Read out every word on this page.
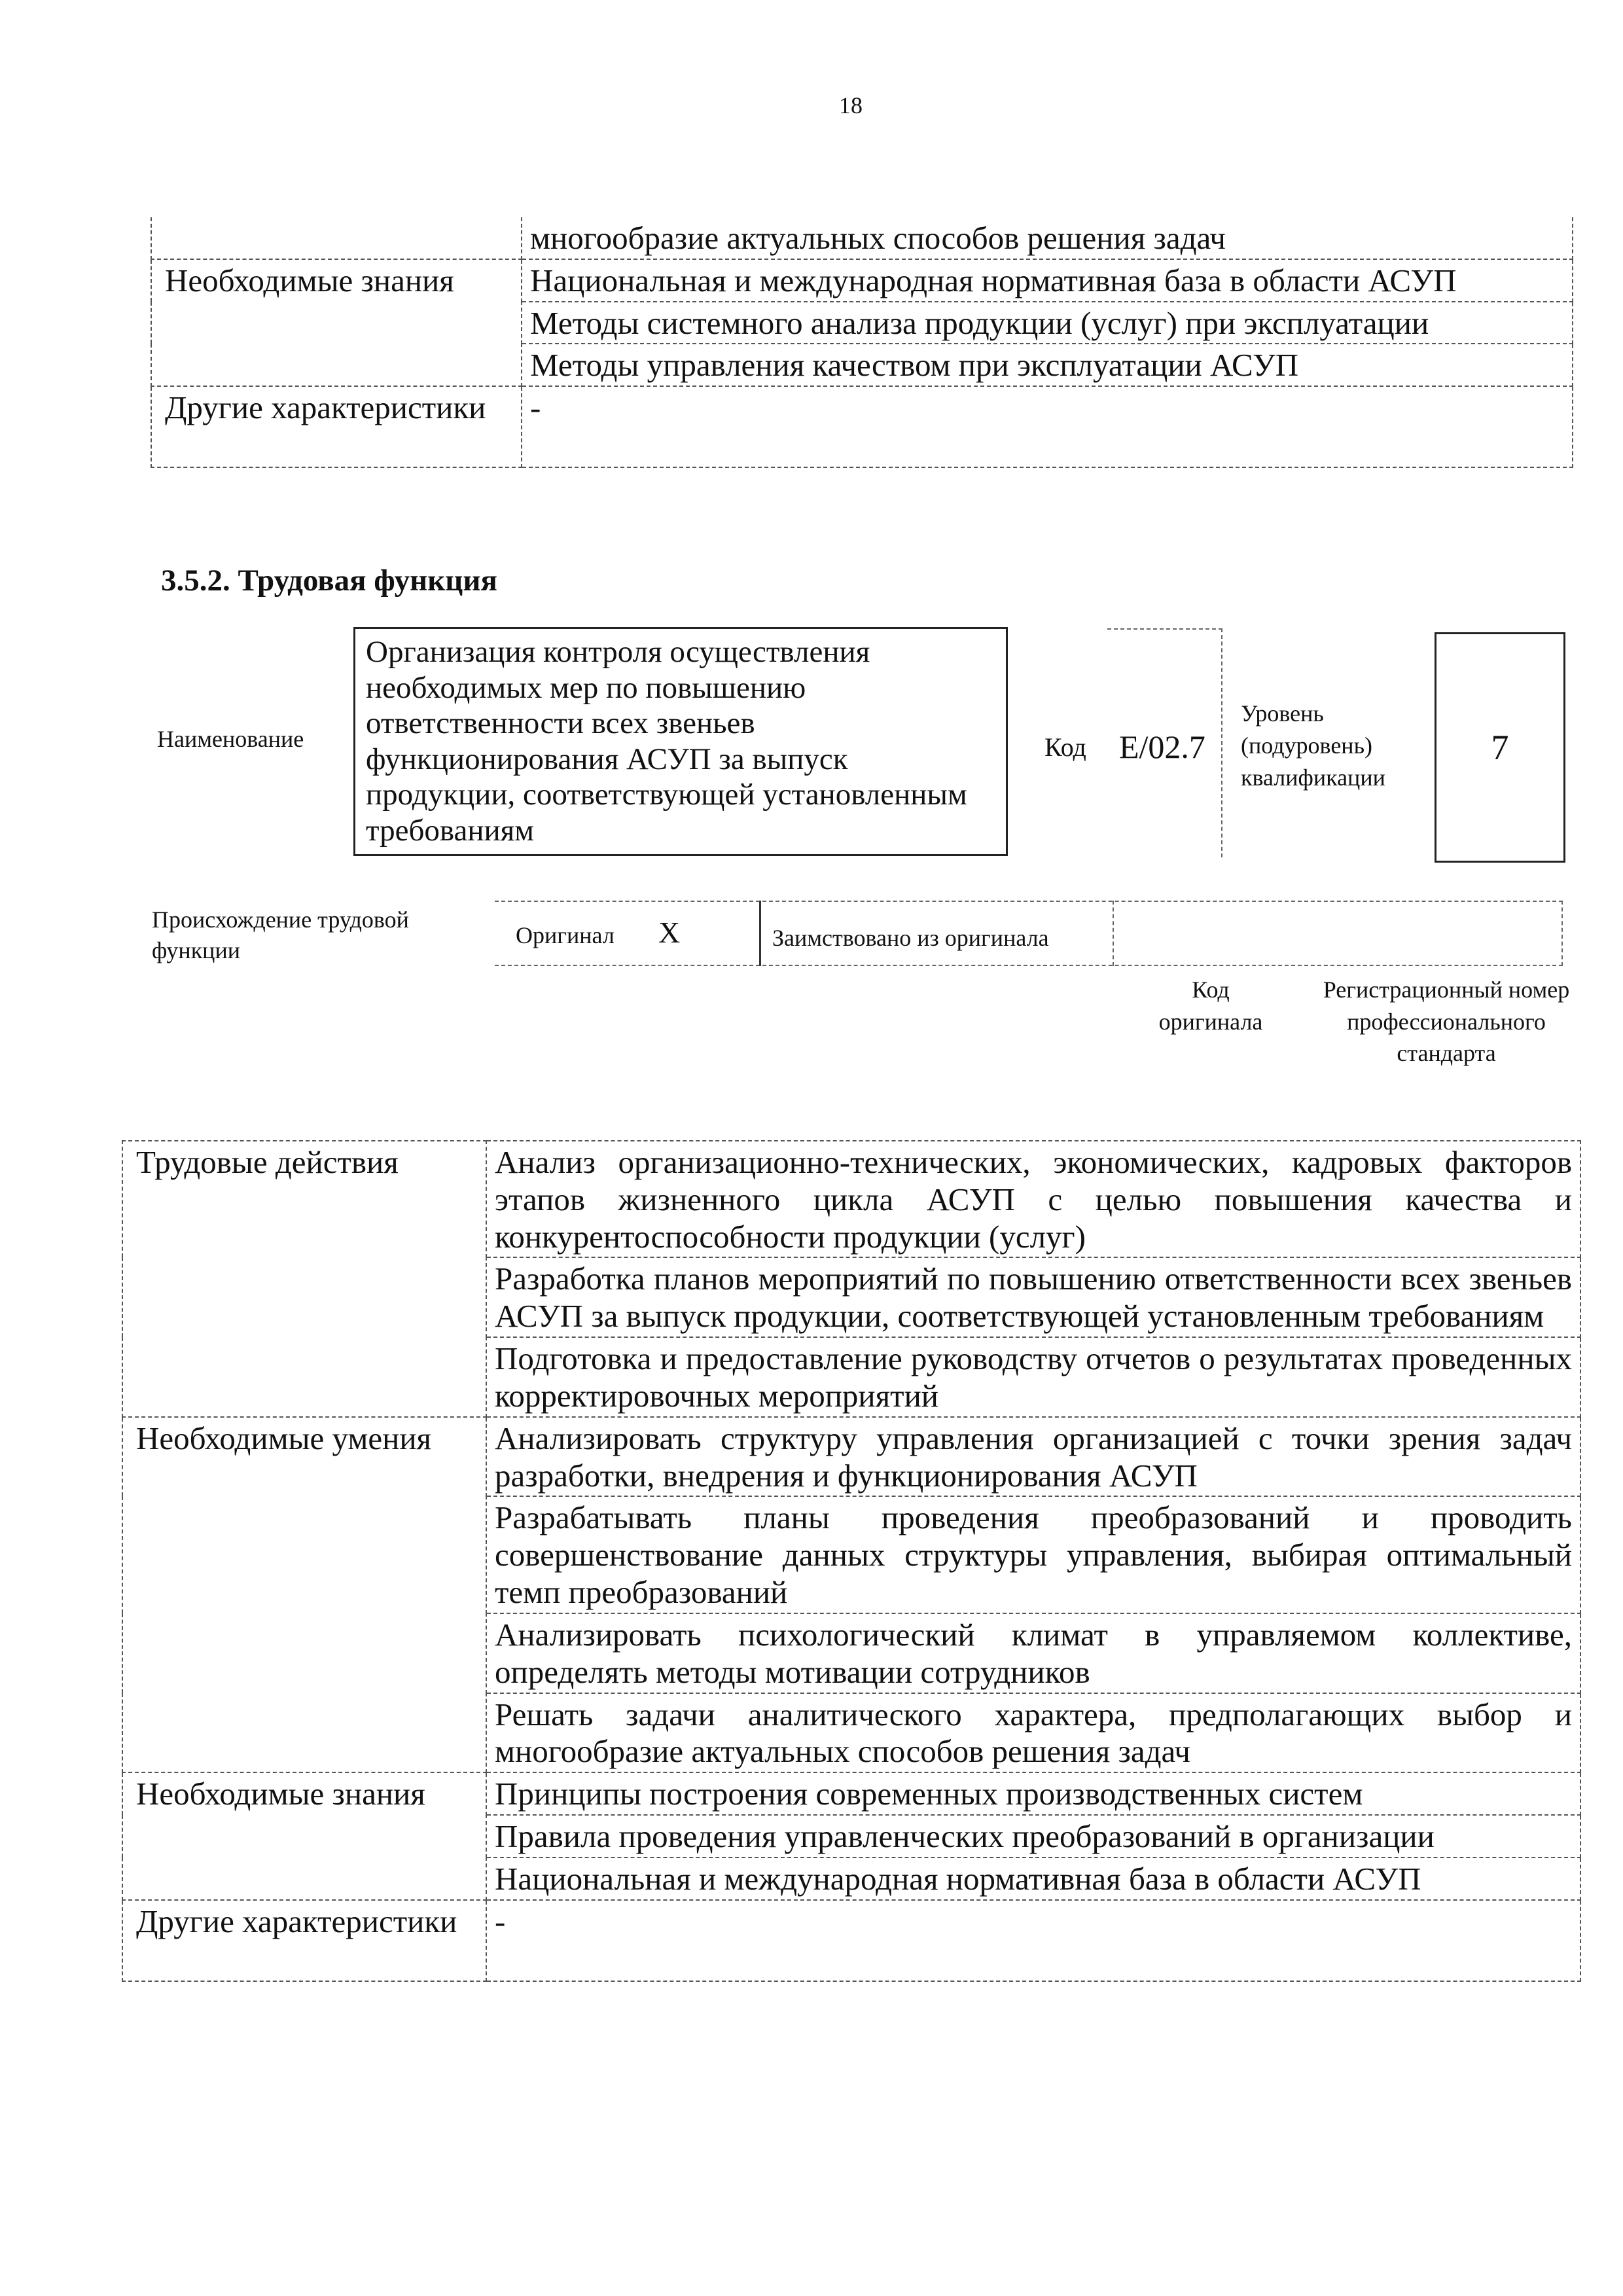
18
	многообразие актуальных способов решения задач
Необходимые знания	Национальная и международная нормативная база в области АСУП
	Методы системного анализа продукции (услуг) при эксплуатации
	Методы управления качеством при эксплуатации АСУП
Другие характеристики	-
3.5.2. Трудовая функция
Наименование
Организация контроля осуществления необходимых мер по повышению ответственности всех звеньев функционирования АСУП за выпуск продукции, соответствующей установленным требованиям
Код E/02.7
Уровень (подуровень) квалификации
7
Происхождение трудовой функции
Оригинал X	Заимствовано из оригинала
Код оригинала
Регистрационный номер профессионального стандарта
Трудовые действия	Анализ организационно-технических, экономических, кадровых факторов этапов жизненного цикла АСУП с целью повышения качества и конкурентоспособности продукции (услуг)
	Разработка планов мероприятий по повышению ответственности всех звеньев АСУП за выпуск продукции, соответствующей установленным требованиям
	Подготовка и предоставление руководству отчетов о результатах проведенных корректировочных мероприятий
Необходимые умения	Анализировать структуру управления организацией с точки зрения задач разработки, внедрения и функционирования АСУП
	Разрабатывать планы проведения преобразований и проводить совершенствование данных структуры управления, выбирая оптимальный темп преобразований
	Анализировать психологический климат в управляемом коллективе, определять методы мотивации сотрудников
	Решать задачи аналитического характера, предполагающих выбор и многообразие актуальных способов решения задач
Необходимые знания	Принципы построения современных производственных систем
	Правила проведения управленческих преобразований в организации
	Национальная и международная нормативная база в области АСУП
Другие характеристики	-
